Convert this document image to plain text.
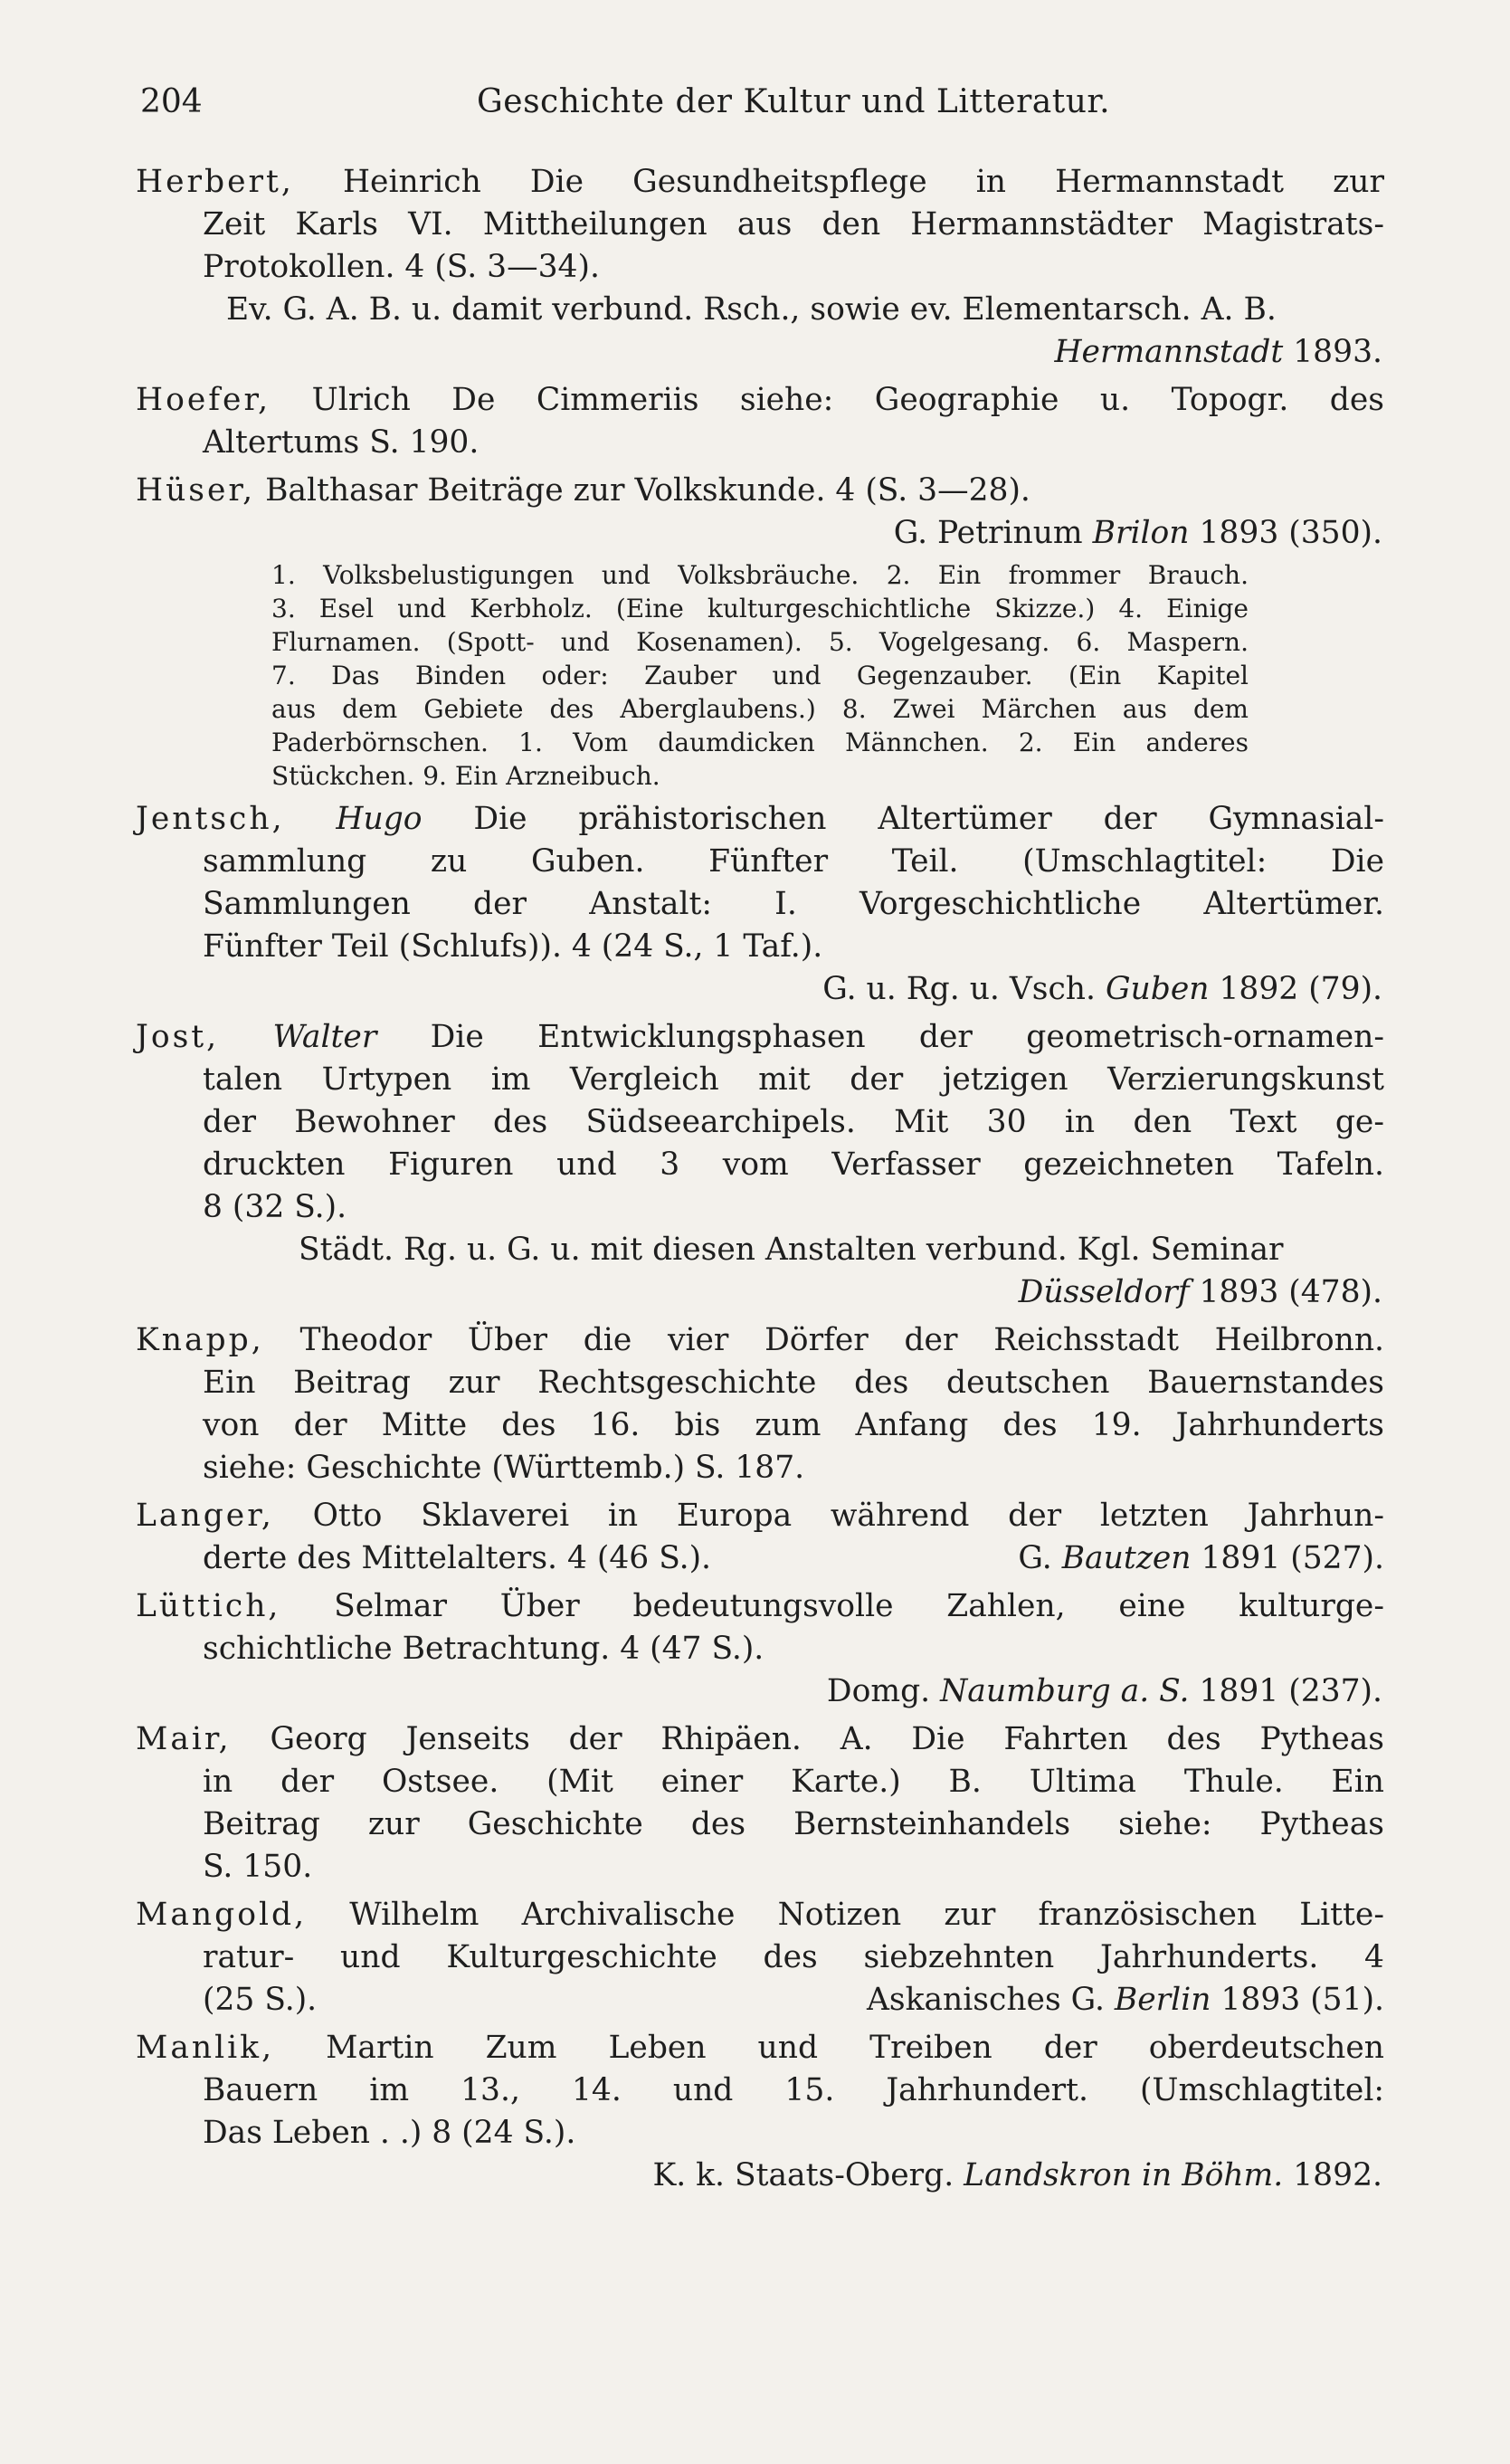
204	Geschichte der Kultur und Litteratur.
Herbert, Heinrich Die Gesundheitspflege in Hermannstadt zur
Zeit Karls VI. Mittheilungen aus den Hermannstädter Magistrats-
Protokollen. 4 (S. 3—34).
Ev. G. A. B. u. damit verbund. Rsch., sowie ev. Elementarsch. A. B.
Hermannstadt 1893.
Hoefer, Ulrich De Cimmeriis siehe: Geographie u. Topogr. des
Altertums S. 190.
Hüser, Balthasar Beiträge zur Volkskunde. 4 (S. 3—28).
G. Petrinum Brilon 1893 (350).
1. Volksbelustigungen und Volksbräuche. 2. Ein frommer Brauch.
3. Esel und Kerbholz. (Eine kulturgeschichtliche Skizze.) 4. Einige
Flurnamen. (Spott- und Kosenamen). 5. Vogelgesang. 6. Maspern.
7. Das Binden oder: Zauber und Gegenzauber. (Ein Kapitel
aus dem Gebiete des Aberglaubens.) 8. Zwei Märchen aus dem
Paderbörnschen. 1. Vom daumdicken Männchen. 2. Ein anderes
Stückchen. 9. Ein Arzneibuch.
Jentsch, Hugo Die prähistorischen Altertümer der Gymnasial-
sammlung zu Guben. Fünfter Teil. (Umschlagtitel: Die
Sammlungen der Anstalt: I. Vorgeschichtliche Altertümer.
Fünfter Teil (Schlufs)). 4 (24 S., 1 Taf.).
G. u. Rg. u. Vsch. Guben 1892 (79).
Jost, Walter Die Entwicklungsphasen der geometrisch-ornamen-
talen Urtypen im Vergleich mit der jetzigen Verzierungskunst
der Bewohner des Südseearchipels. Mit 30 in den Text ge-
druckten Figuren und 3 vom Verfasser gezeichneten Tafeln.
8 (32 S.).
Städt. Rg. u. G. u. mit diesen Anstalten verbund. Kgl. Seminar
Düsseldorf 1893 (478).
Knapp, Theodor Über die vier Dörfer der Reichsstadt Heilbronn.
Ein Beitrag zur Rechtsgeschichte des deutschen Bauernstandes
von der Mitte des 16. bis zum Anfang des 19. Jahrhunderts
siehe: Geschichte (Württemb.) S. 187.
Langer, Otto Sklaverei in Europa während der letzten Jahrhun-
derte des Mittelalters. 4 (46 S.).	G. Bautzen 1891 (527).
Lüttich, Selmar Über bedeutungsvolle Zahlen, eine kulturge-
schichtliche Betrachtung. 4 (47 S.).
Domg. Naumburg a. S. 1891 (237).
Mair, Georg Jenseits der Rhipäen. A. Die Fahrten des Pytheas
in der Ostsee. (Mit einer Karte.) B. Ultima Thule. Ein
Beitrag zur Geschichte des Bernsteinhandels siehe: Pytheas
S. 150.
Mangold, Wilhelm Archivalische Notizen zur französischen Litte-
ratur- und Kulturgeschichte des siebzehnten Jahrhunderts. 4
(25 S.).	Askanisches G. Berlin 1893 (51).
Manlik, Martin Zum Leben und Treiben der oberdeutschen
Bauern im 13., 14. und 15. Jahrhundert. (Umschlagtitel:
Das Leben . .) 8 (24 S.).
K. k. Staats-Oberg. Landskron in Böhm. 1892.
